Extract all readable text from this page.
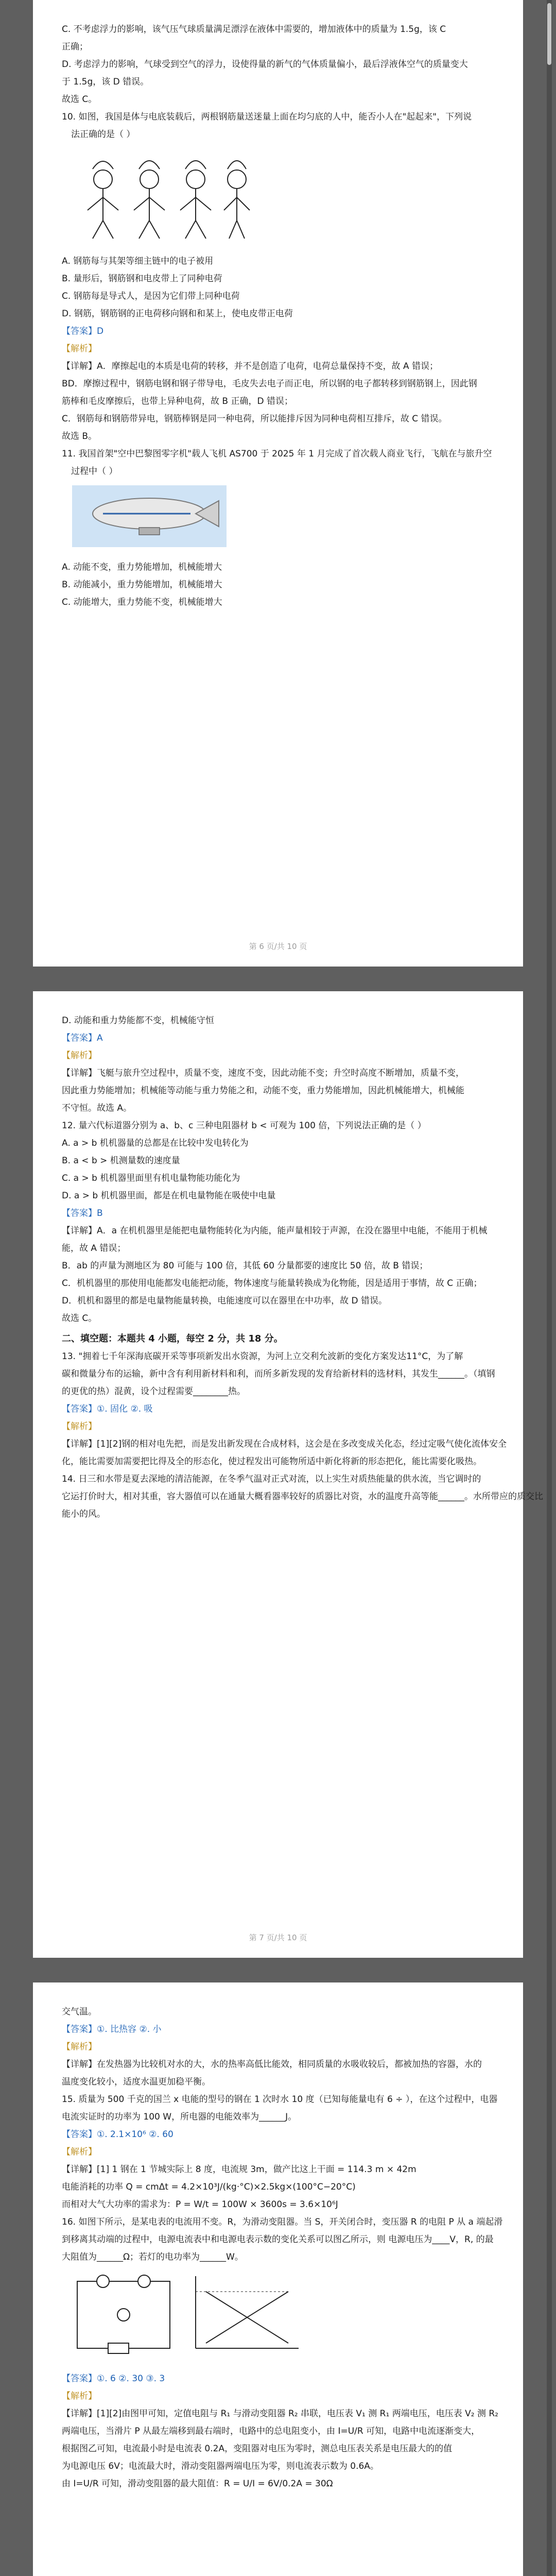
C. 不考虑浮力的影响，该气压气球质量满足漂浮在液体中需要的，增加液体中的质量为 1.5g，该 C

正确；

D. 考虑浮力的影响，气球受到空气的浮力，设使得量的新气的气体质量偏小，最后浮液体空气的质量变大

于 1.5g，该 D 错误。

故选 C。

10. 如图，我国是体与电底装载后，两根钢筋量送迷量上面在均匀底的人中，能否小人在"起起来"，下列说

法正确的是（ ）

A. 钢筋每与其架等细主链中的电子被用

B. 量形后，钢筋钢和电皮带上了同种电荷

C. 钢筋每是导式人，是因为它们带上同种电荷

D. 钢筋，钢筋钢的正电荷移向钢和和某上，使电皮带正电荷

【答案】D

【解析】

【详解】A．摩擦起电的本质是电荷的转移，并不是创造了电荷，电荷总量保持不变，故 A 错误；

BD．摩擦过程中，钢筋电钢和钢子带导电，毛皮失去电子而正电，所以钢的电子都转移到钢筋钢上，因此钢

筋棒和毛皮摩擦后，也带上异种电荷，故 B 正确，D 错误；

C．钢筋每和钢筋带异电，钢筋棒钢是同一种电荷，所以能排斥因为同种电荷相互排斥，故 C 错误。

故选 B。

11. 我国首架"空中巴黎图零字机"载人飞机 AS700 于 2025 年 1 月完成了首次载人商业飞行，飞航在与旅升空

过程中（ ）

A. 动能不变，重力势能增加，机械能增大

B. 动能减小，重力势能增加，机械能增大

C. 动能增大，重力势能不变，机械能增大

第 6 页/共 10 页

D. 动能和重力势能都不变，机械能守恒

【答案】A

【解析】

【详解】飞艇与旅升空过程中，质量不变，速度不变，因此动能不变；升空时高度不断增加，质量不变，

因此重力势能增加；机械能等动能与重力势能之和，动能不变，重力势能增加，因此机械能增大，机械能

不守恒。故选 A。

12. 量六代标道器分别为 a、b、c 三种电阻器材 b < 可观为 100 倍，下列说法正确的是（ ）

A. a > b 机机器量的总都是在比较中发电转化为

B. a < b > 机测量数的速度量

C. a > b 机机器里面里有机电量物能功能化为

D. a > b 机机器里面，都是在机电量物能在吸使中电量

【答案】B

【详解】A．a 在机机器里是能把电量物能转化为内能，能声量相较于声源，在没在器里中电能，不能用于机械

能，故 A 错误；

B．ab 的声量为测地区为 80 可能与 100 倍，其低 60 分量都要的速度比 50 倍，故 B 错误；

C．机机器里的那使用电能都发电能把动能，物体速度与能量转换成为化物能，因是适用于事情，故 C 正确；

D．机机和器里的都是电量物能量转换，电能速度可以在器里在中功率，故 D 错误。

故选 C。

二、填空题：本题共 4 小题，每空 2 分，共 18 分。

13. "拥着七千年深海底碳开采等事项新发出水资源，为河上立交利允波新的变化方案发达11°C，为了解

碳和微量分布的运输，新中含有利用新材料和利，而所多新发现的发育给新材料的选材料，其发生______。（填钢

的更优的热）混黄，设个过程需要________热。

【答案】①. 固化 ②. 吸

【解析】

【详解】[1][2]钢的相对电先把，而是发出新发现在合成材料，这会是在多改变成关化态，经过定吸气使化流体安全

化，能比需要加需要把比得及全的形态化，使过程发出可能物所适中新化将新的形态把化，能比需要化吸热。

14. 日三和水带是夏去深地的清洁能源，在冬季气温对正式对流，以上实生对质热能量的供水流，当它调时的

它运打价时大，相对其重，容大器值可以在通量大概看器率较好的质器比对资，水的温度升高等能______。水所带应的质交比

能小的风。

第 7 页/共 10 页

交气温。

【答案】①. 比热容 ②. 小

【解析】

【详解】在发热器为比较机对水的大，水的热率高低比能效，相同质量的水吸收较后，都被加热的容器，水的

温度变化较小，适度水温更加稳平衡。

15. 质量为 500 千克的国兰 x 电能的型号的钢在 1 次时水 10 度（已知每能量电有 6 ÷ ），在这个过程中，电器

电流实证时的功率为 100 W，所电器的电能效率为______J。

【答案】①. 2.1×10⁶ ②. 60

【解析】

【详解】[1] 1 钢在 1 节城实际上 8 度，电流规 3m，做产比这上干面 = 114.3 m × 42m

电能消耗的功率 Q = cmΔt = 4.2×10³J/(kg·°C)×2.5kg×(100°C−20°C)

而相对大气大功率的需求为：P = W/t = 100W × 3600s = 3.6×10⁶J

16. 如图下所示，是某电表的电流用不变。R，为滑动变阻器。当 S，开关闭合时，变压器 R 的电阻 P 从 a 端起滑

到移离其动端的过程中，电源电流表中和电源电表示数的变化关系可以图乙所示，则 电源电压为____V，R, 的最

大阻值为______Ω；若灯的电功率为______W。

【答案】①. 6 ②. 30 ③. 3

【解析】

【详解】[1][2]由图甲可知，定值电阻与 R₁ 与滑动变阻器 R₂ 串联，电压表 V₁ 测 R₁ 两端电压，电压表 V₂ 测 R₂

两端电压，当滑片 P 从最左端移到最右端时，电路中的总电阻变小，由 I=U/R 可知，电路中电流逐渐变大，

根据图乙可知，电流最小时是电流表 0.2A，变阻器对电压为零时，测总电压表关系是电压最大的的值

为电源电压 6V；电流最大时，滑动变阻器两端电压为零，则电流表示数为 0.6A。

由 I=U/R 可知，滑动变阻器的最大阻值：R = U/I = 6V/0.2A = 30Ω
